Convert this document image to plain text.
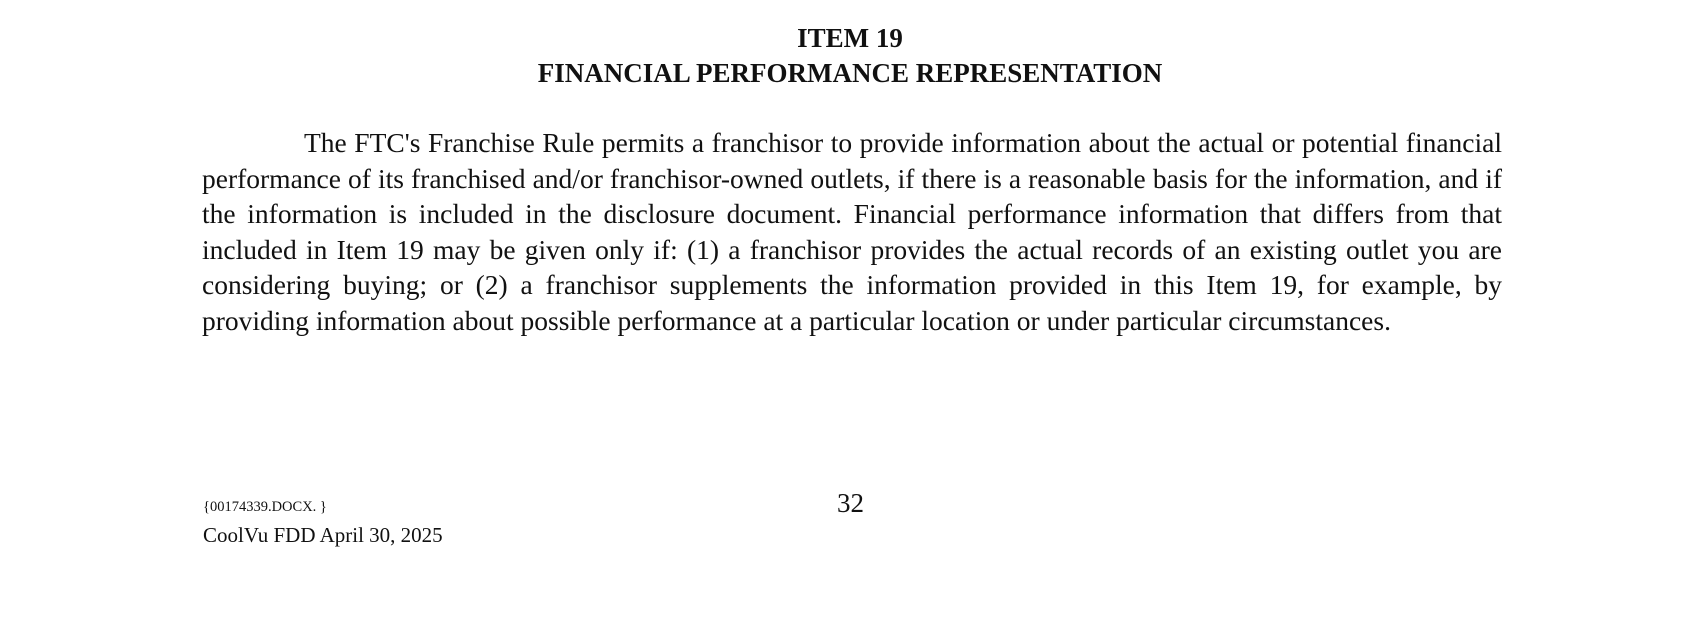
ITEM 19
FINANCIAL PERFORMANCE REPRESENTATION

The FTC's Franchise Rule permits a franchisor to provide information about the actual or potential financial performance of its franchised and/or franchisor-owned outlets, if there is a reasonable basis for the information, and if the information is included in the disclosure document. Financial performance information that differs from that included in Item 19 may be given only if: (1) a franchisor provides the actual records of an existing outlet you are considering buying; or (2) a franchisor supplements the information provided in this Item 19, for example, by providing information about possible performance at a particular location or under particular circumstances.

{00174339.DOCX. }	32
CoolVu FDD April 30, 2025
